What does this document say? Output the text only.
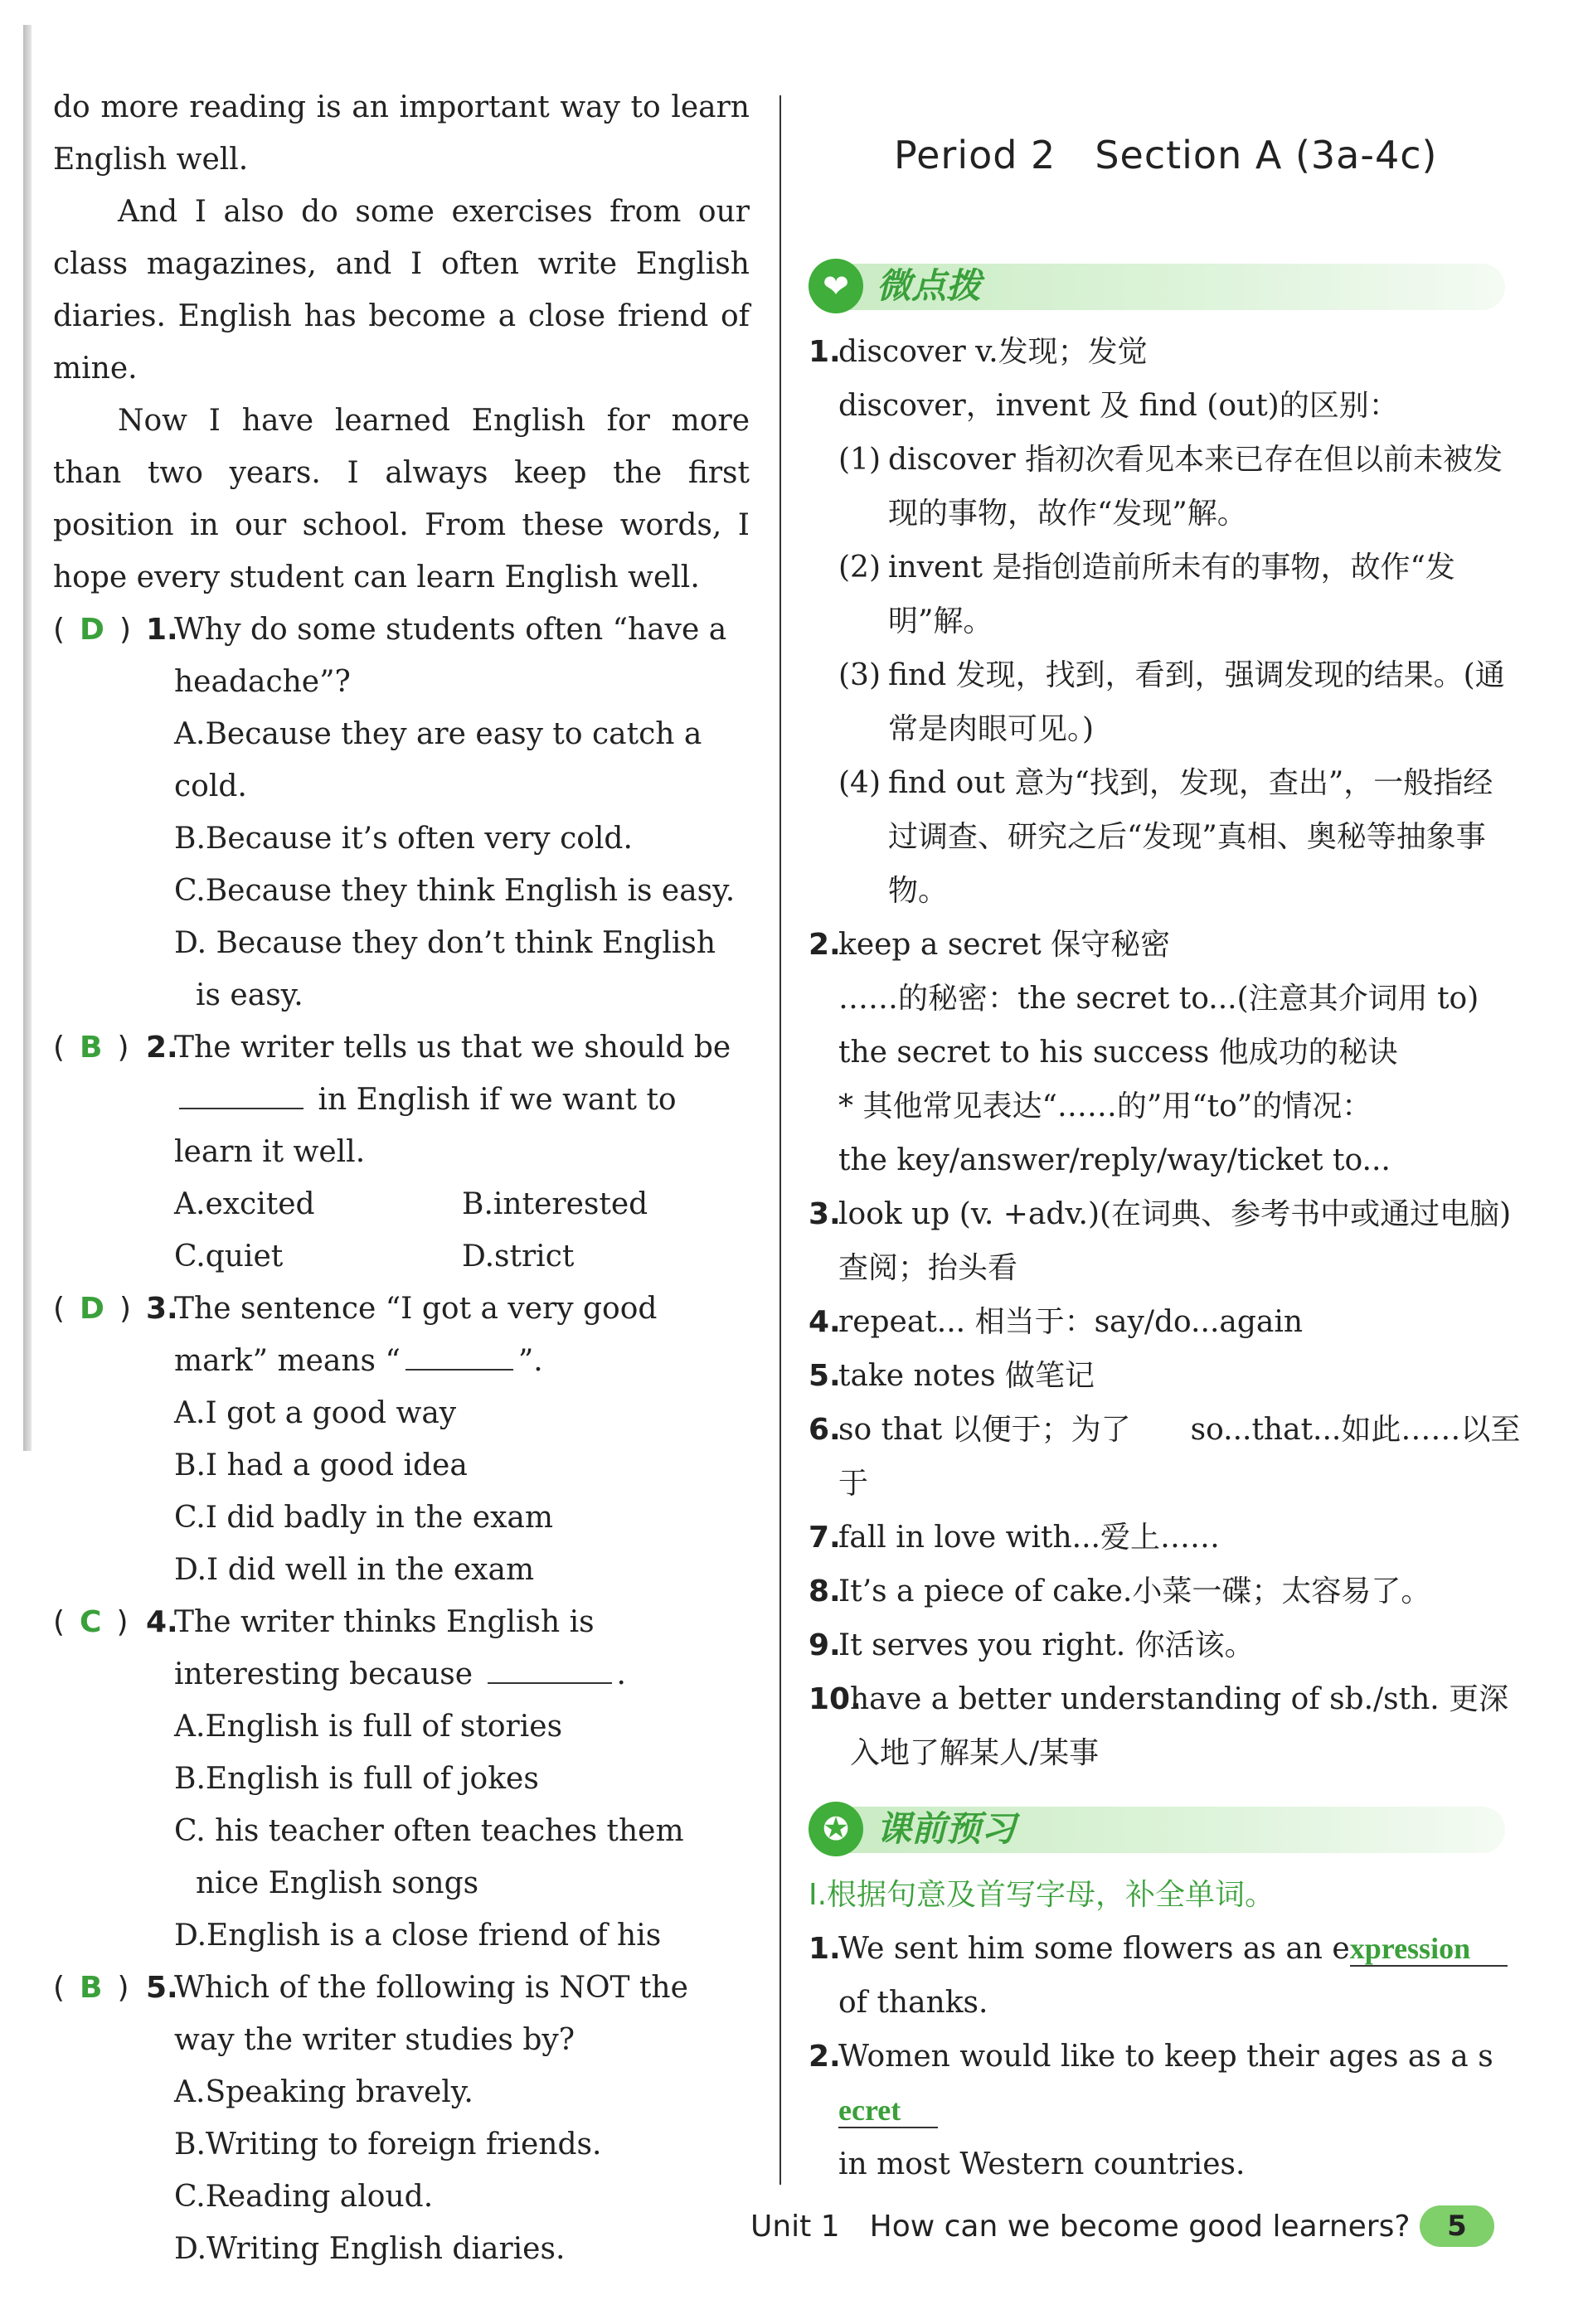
do more reading is an important way to learn English well.

And I also do some exercises from our class magazines, and I often write English diaries. English has become a close friend of mine.

Now I have learned English for more than two years. I always keep the first position in our school. From these words, I hope every student can learn English well.

(  D  ) 1.
Why do some students often “have a headache”?

A.Because they are easy to catch a cold.

B.Because it’s often very cold.

C.Because they think English is easy.

D. Because they don’t think English is easy.

(  B  ) 2.
The writer tells us that we should be  in English if we want to learn it well.
A.excited	B.interested
C.quiet	D.strict
(  D  ) 3.
The sentence “I got a very good mark” means “	”.

A.I got a good way

B.I had a good idea

C.I did badly in the exam

D.I did well in the exam

(  C  ) 4.
The writer thinks English is interesting because	.

A.English is full of stories

B.English is full of jokes

C. his teacher often teaches them nice English songs

D.English is a close friend of his

(  B  ) 5.
Which of the following is NOT the way the writer studies by?

A.Speaking bravely.

B.Writing to foreign friends.

C.Reading aloud.

D.Writing English diaries.

Period 2 Section A (3a-4c)
❤ 微点拨
1.
discover v.发现；发觉

discover，invent 及 find (out)的区别：

(1) discover 指初次看见本来已存在但以前未被发现的事物，故作“发现”解。
(2) invent 是指创造前所未有的事物，故作“发明”解。
(3) find 发现，找到，看到，强调发现的结果。(通常是肉眼可见。)
(4) find out 意为“找到，发现，查出”，一般指经过调查、研究之后“发现”真相、奥秘等抽象事物。
2.
keep a secret 保守秘密

……的秘密：the secret to...(注意其介词用 to)

the secret to his success 他成功的秘诀

* 其他常见表达“……的”用“to”的情况：

the key/answer/reply/way/ticket to...

3.
look up (v. +adv.)(在词典、参考书中或通过电脑)查阅；抬头看
4.
repeat... 相当于：say/do...again
5.
take notes 做笔记
6.
so that 以便于；为了  so...that...如此……以至于
7.
fall in love with...爱上……
8.
It’s a piece of cake.小菜一碟；太容易了。
9.
It serves you right. 你活该。
10.
have a better understanding of sb./sth. 更深入地了解某人/某事
✪ 课前预习

Ⅰ.根据句意及首写字母，补全单词。

1.
We sent him some flowers as an expression

of thanks.

2.
Women would like to keep their ages as a secret

in most Western countries.

Unit 1 How can we become good learners?	5
